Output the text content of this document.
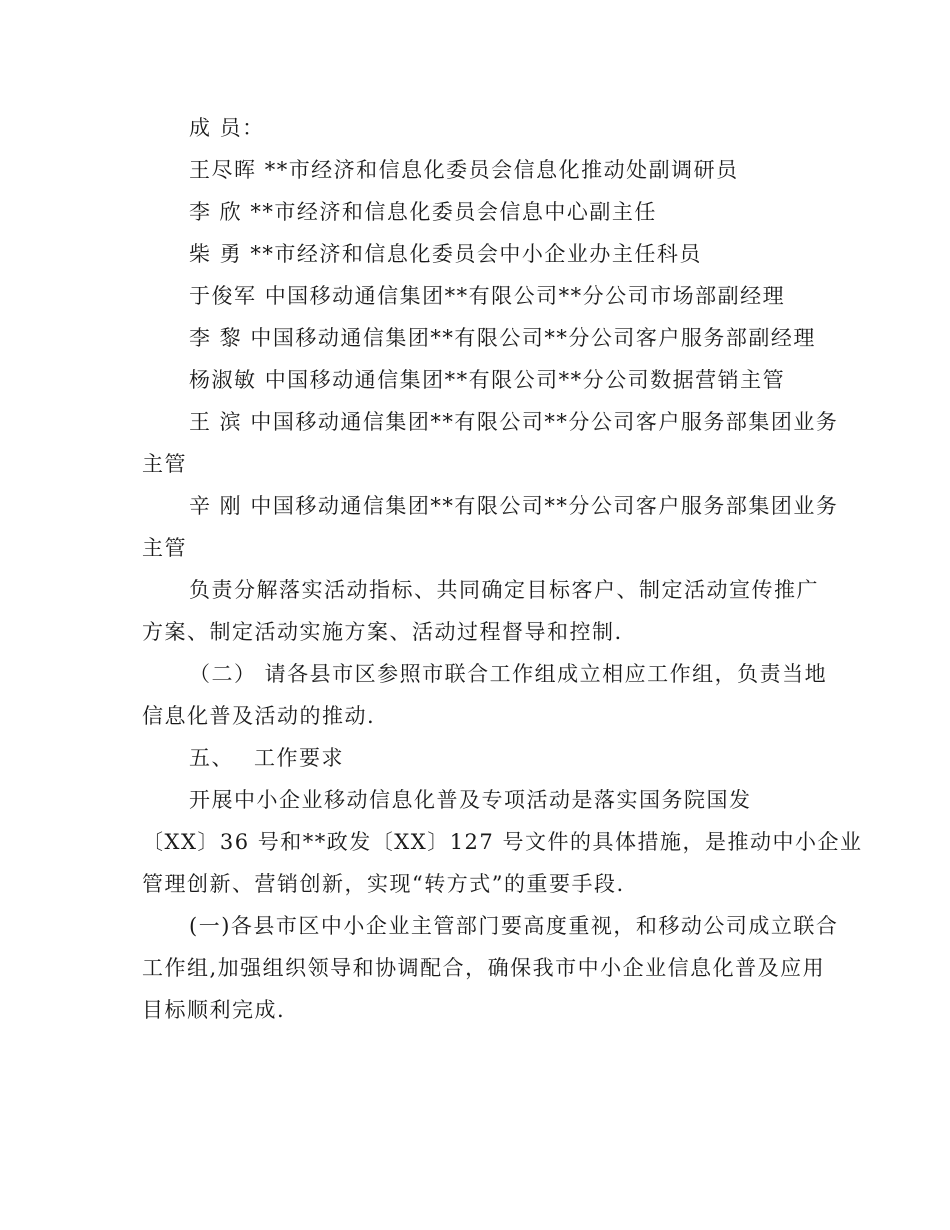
成 员：

王尽晖 **市经济和信息化委员会信息化推动处副调研员

李 欣 **市经济和信息化委员会信息中心副主任

柴 勇 **市经济和信息化委员会中小企业办主任科员

于俊军 中国移动通信集团**有限公司**分公司市场部副经理

李 黎 中国移动通信集团**有限公司**分公司客户服务部副经理

杨淑敏 中国移动通信集团**有限公司**分公司数据营销主管

王 滨 中国移动通信集团**有限公司**分公司客户服务部集团业务
主管

辛 刚 中国移动通信集团**有限公司**分公司客户服务部集团业务
主管

负责分解落实活动指标、共同确定目标客户、制定活动宣传推广
方案、制定活动实施方案、活动过程督导和控制.

（二） 请各县市区参照市联合工作组成立相应工作组，负责当地
信息化普及活动的推动.

五、 工作要求

开展中小企业移动信息化普及专项活动是落实国务院国发
〔XX〕36 号和**政发〔XX〕127 号文件的具体措施，是推动中小企业
管理创新、营销创新，实现“转方式”的重要手段.

(一)各县市区中小企业主管部门要高度重视，和移动公司成立联合
工作组,加强组织领导和协调配合，确保我市中小企业信息化普及应用
目标顺利完成.
